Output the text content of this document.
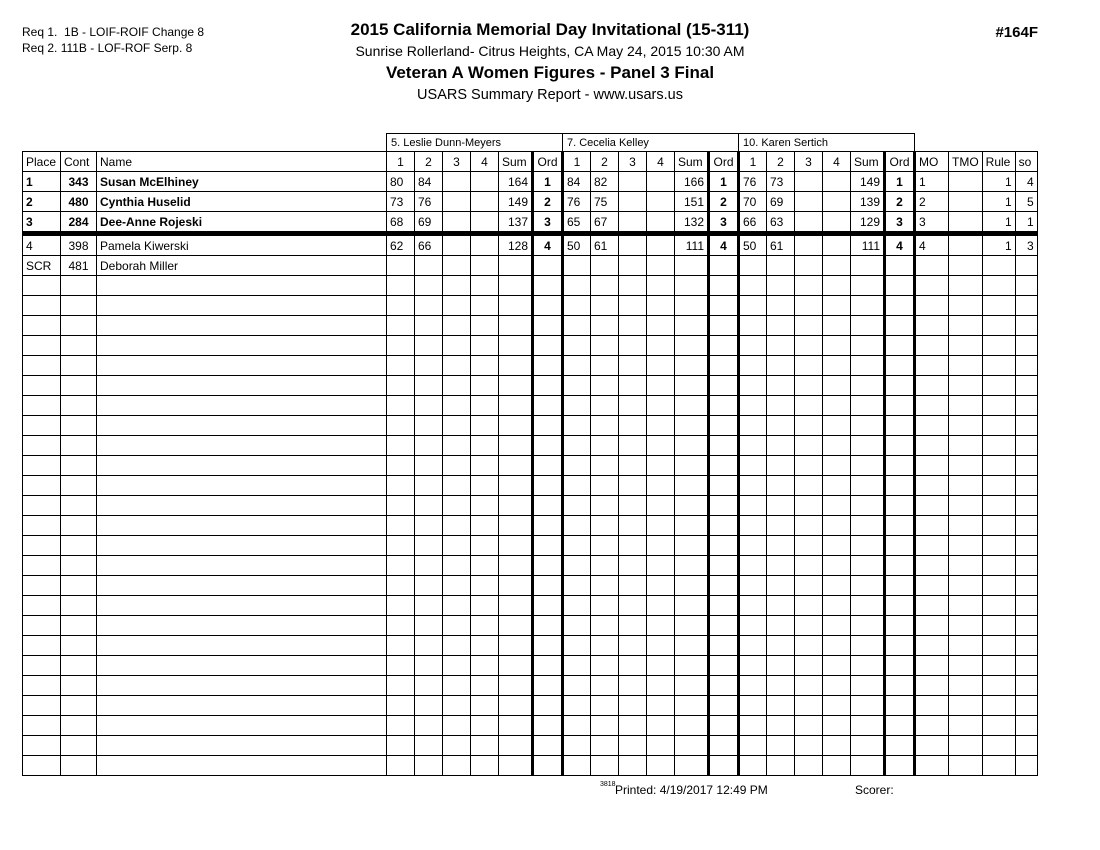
Req 1.  1B - LOIF-ROIF Change 8
Req 2. 111B - LOF-ROF Serp. 8
#164F
2015 California Memorial Day Invitational (15-311)
Sunrise Rollerland- Citrus Heights, CA May 24, 2015 10:30 AM
Veteran A Women Figures - Panel 3 Final
USARS Summary Report - www.usars.us
			5. Leslie Dunn-Meyers						7. Cecelia Kelley						10. Karen Sertich									
Place	Cont	Name	1	2	3	4	Sum	Ord	1	2	3	4	Sum	Ord	1	2	3	4	Sum	Ord	MO	TMO	Rule	so
1	343	Susan McElhiney	80	84			164	1	84	82			166	1	76	73			149	1	1		1	4
2	480	Cynthia Huselid	73	76			149	2	76	75			151	2	70	69			139	2	2		1	5
3	284	Dee-Anne Rojeski	68	69			137	3	65	67			132	3	66	63			129	3	3		1	1
4	398	Pamela Kiwerski	62	66			128	4	50	61			111	4	50	61			111	4	4		1	3
SCR	481	Deborah Miller																						

3818 Printed: 4/19/2017 12:49 PM	Scorer:
